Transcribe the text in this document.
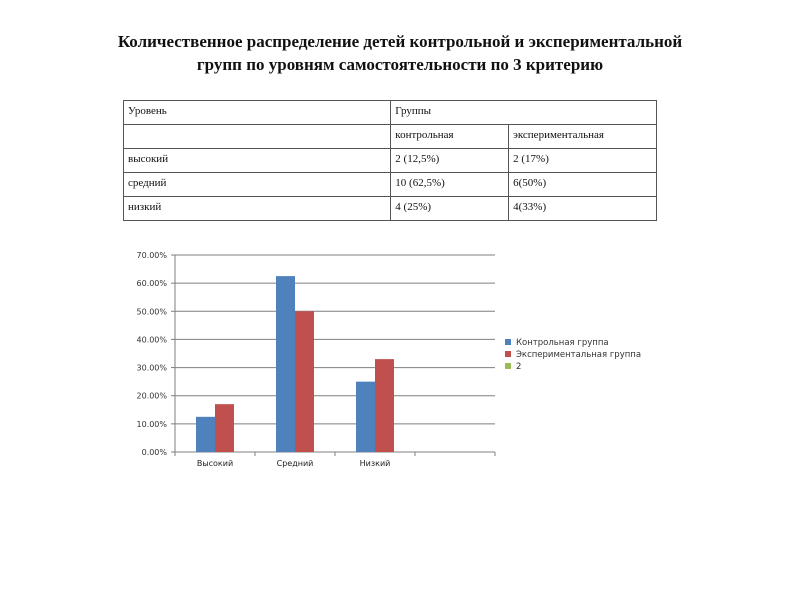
Количественное распределение детей контрольной и экспериментальной
групп по уровням самостоятельности по 3 критерию
Уровень	Группы	
	контрольная	экспериментальная
высокий	2 (12,5%)	2 (17%)
средний	10 (62,5%)	6(50%)
низкий	4 (25%)	4(33%)
0.00%
10.00%
20.00%
30.00%
40.00%
50.00%
60.00%
70.00%
Высокий	Средний	Низкий
Контрольная группа
Экспериментальная группа
2
